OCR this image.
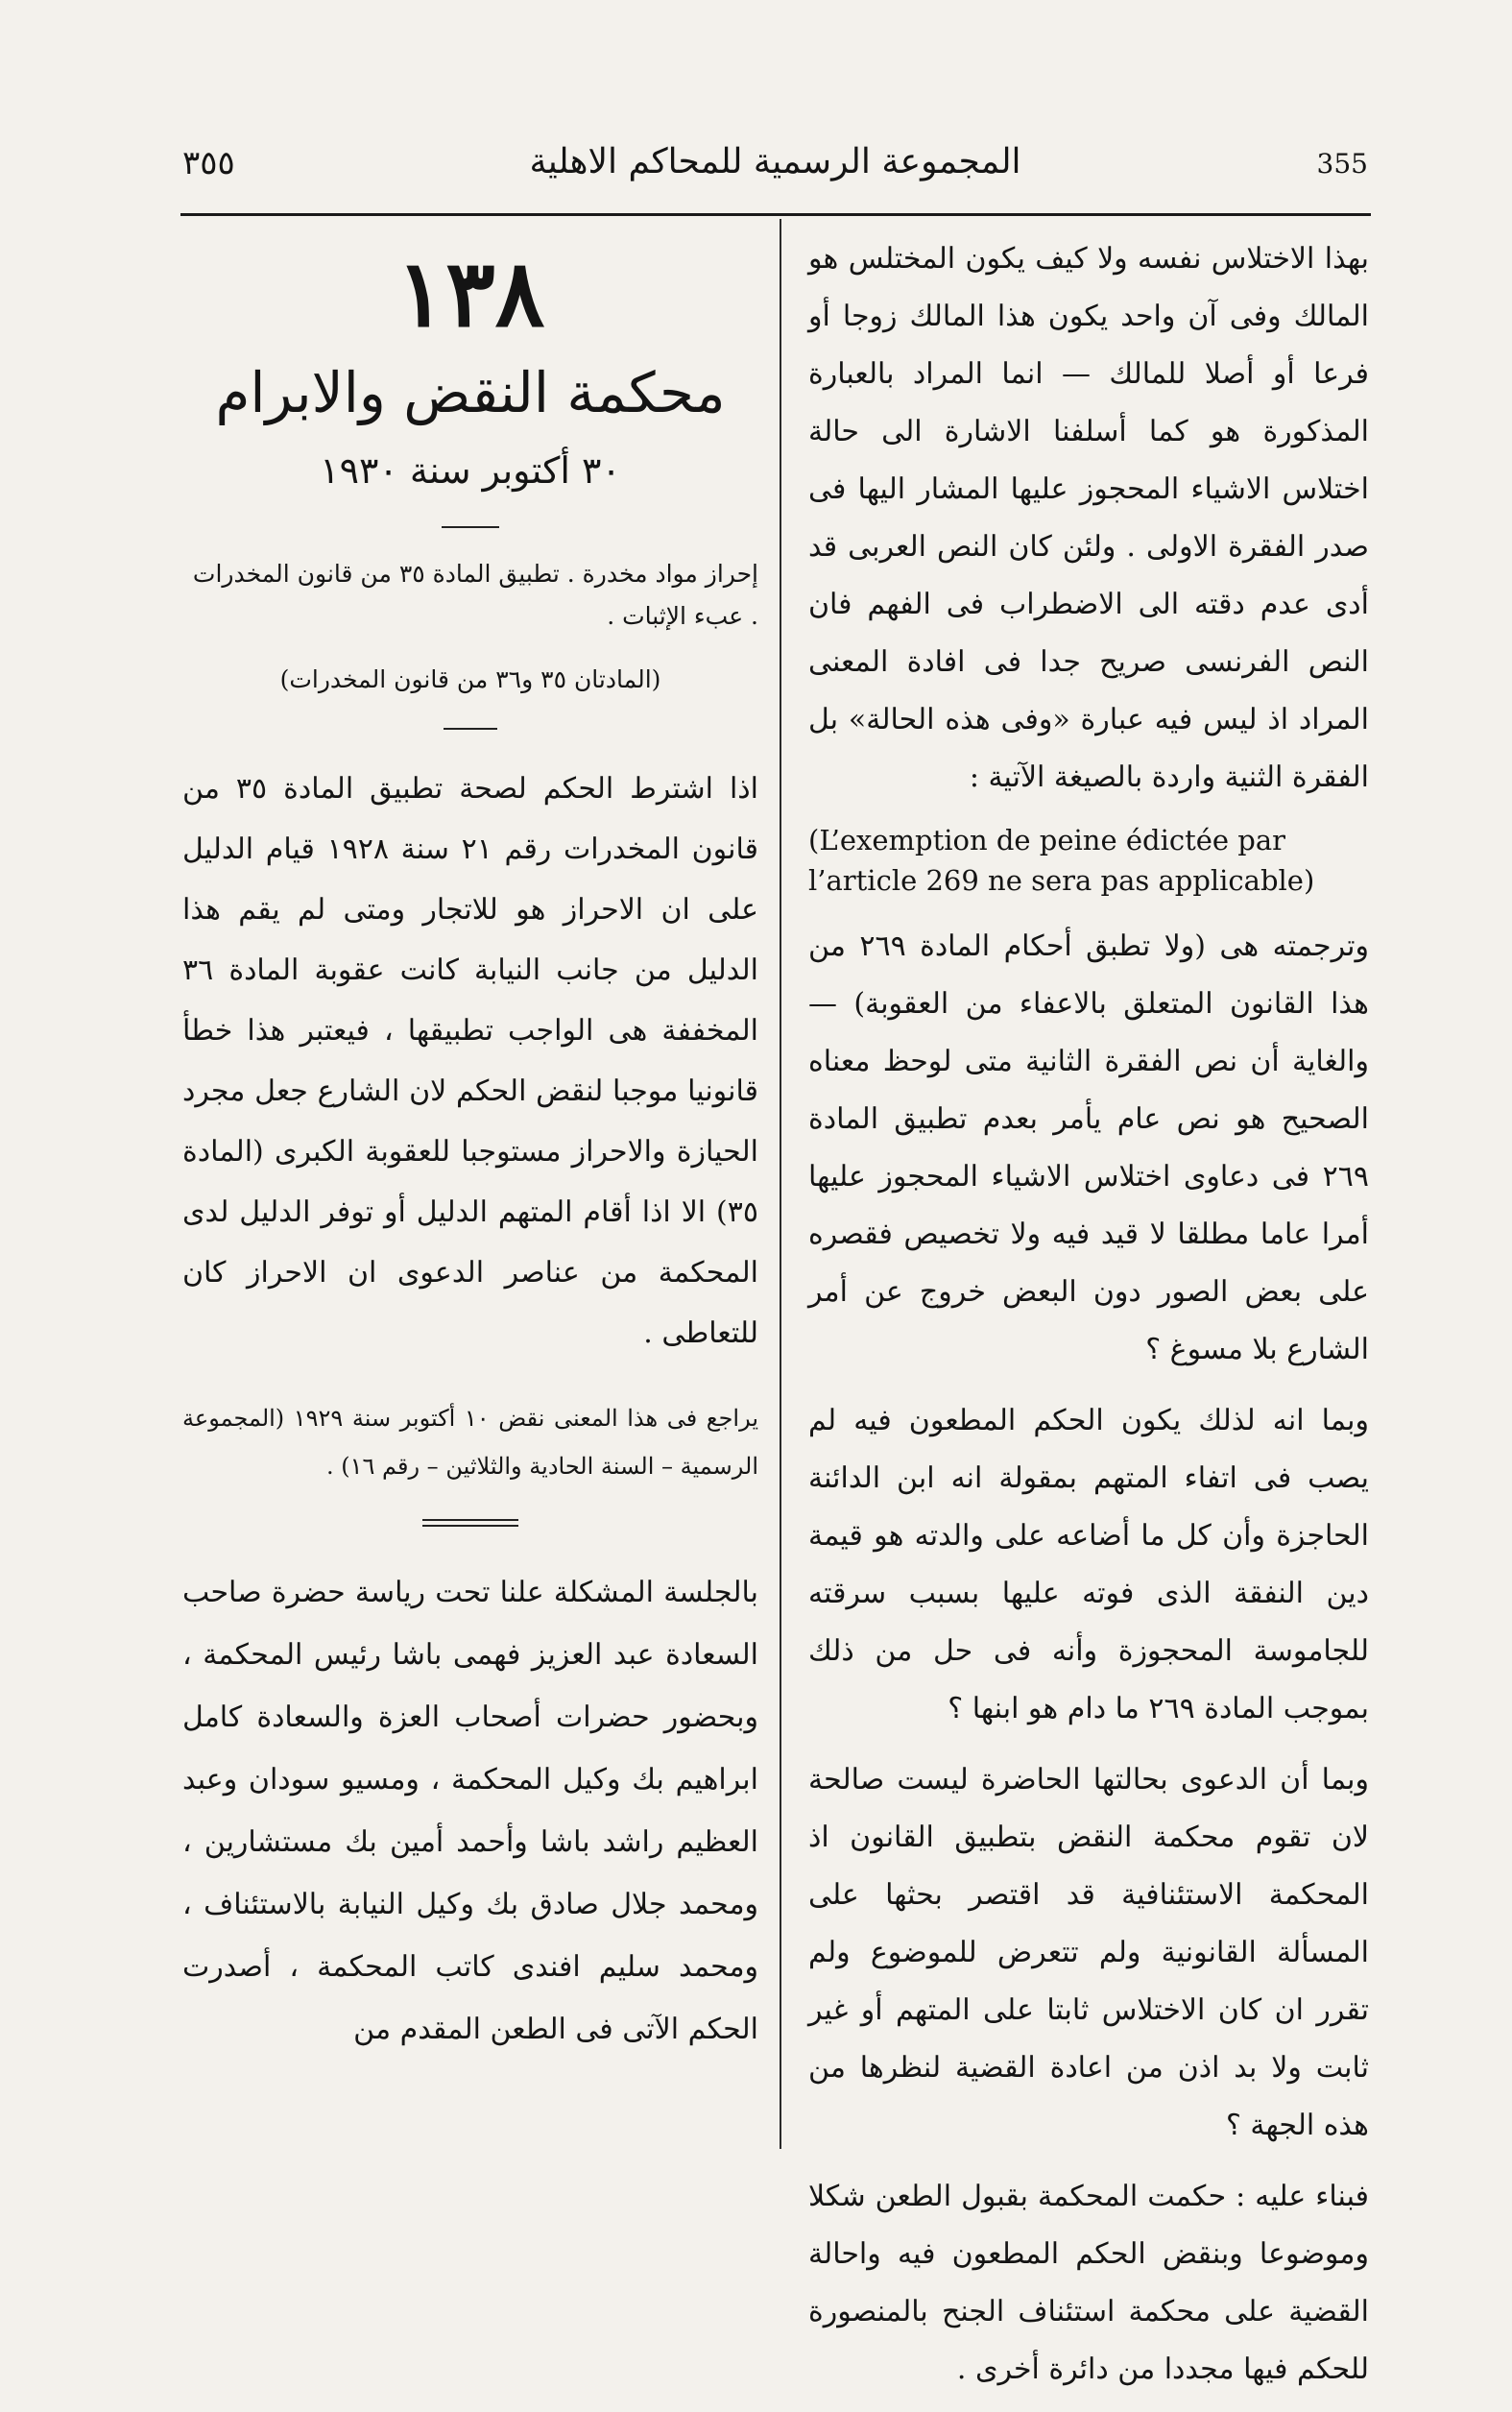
٣٥٥	المجموعة الرسمية للمحاكم الاهلية	355
١٣٨
محكمة النقض والابرام
٣٠ أكتوبر سنة ١٩٣٠
إحراز مواد مخدرة . تطبيق المادة ٣٥ من قانون المخدرات . عبء الإثبات .
(المادتان ٣٥ و٣٦ من قانون المخدرات)
اذا اشترط الحكم لصحة تطبيق المادة ٣٥ من قانون المخدرات رقم ٢١ سنة ١٩٢٨ قيام الدليل على ان الاحراز هو للاتجار ومتى لم يقم هذا الدليل من جانب النيابة كانت عقوبة المادة ٣٦ المخففة هى الواجب تطبيقها ، فيعتبر هذا خطأ قانونيا موجبا لنقض الحكم لان الشارع جعل مجرد الحيازة والاحراز مستوجبا للعقوبة الكبرى (المادة ٣٥) الا اذا أقام المتهم الدليل أو توفر الدليل لدى المحكمة من عناصر الدعوى ان الاحراز كان للتعاطى .
يراجع فى هذا المعنى نقض ١٠ أكتوبر سنة ١٩٢٩ (المجموعة الرسمية – السنة الحادية والثلاثين – رقم ١٦) .
بالجلسة المشكلة علنا تحت رياسة حضرة صاحب السعادة عبد العزيز فهمى باشا رئيس المحكمة ، وبحضور حضرات أصحاب العزة والسعادة كامل ابراهيم بك وكيل المحكمة ، ومسيو سودان وعبد العظيم راشد باشا وأحمد أمين بك مستشارين ، ومحمد جلال صادق بك وكيل النيابة بالاستئناف ، ومحمد سليم افندى كاتب المحكمة ، أصدرت الحكم الآتى فى الطعن المقدم من

بهذا الاختلاس نفسه ولا كيف يكون المختلس هو المالك وفى آن واحد يكون هذا المالك زوجا أو فرعا أو أصلا للمالك — انما المراد بالعبارة المذكورة هو كما أسلفنا الاشارة الى حالة اختلاس الاشياء المحجوز عليها المشار اليها فى صدر الفقرة الاولى . ولئن كان النص العربى قد أدى عدم دقته الى الاضطراب فى الفهم فان النص الفرنسى صريح جدا فى افادة المعنى المراد اذ ليس فيه عبارة «وفى هذه الحالة» بل الفقرة الثنية واردة بالصيغة الآتية :

(L’exemption de peine édictée par l’article 269 ne sera pas applicable)

وترجمته هى (ولا تطبق أحكام المادة ٢٦٩ من هذا القانون المتعلق بالاعفاء من العقوبة) — والغاية أن نص الفقرة الثانية متى لوحظ معناه الصحيح هو نص عام يأمر بعدم تطبيق المادة ٢٦٩ فى دعاوى اختلاس الاشياء المحجوز عليها أمرا عاما مطلقا لا قيد فيه ولا تخصيص فقصره على بعض الصور دون البعض خروج عن أمر الشارع بلا مسوغ ؟

وبما انه لذلك يكون الحكم المطعون فيه لم يصب فى اتفاء المتهم بمقولة انه ابن الدائنة الحاجزة وأن كل ما أضاعه على والدته هو قيمة دين النفقة الذى فوته عليها بسبب سرقته للجاموسة المحجوزة وأنه فى حل من ذلك بموجب المادة ٢٦٩ ما دام هو ابنها ؟

وبما أن الدعوى بحالتها الحاضرة ليست صالحة لان تقوم محكمة النقض بتطبيق القانون اذ المحكمة الاستئنافية قد اقتصر بحثها على المسألة القانونية ولم تتعرض للموضوع ولم تقرر ان كان الاختلاس ثابتا على المتهم أو غير ثابت ولا بد اذن من اعادة القضية لنظرها من هذه الجهة ؟

فبناء عليه : حكمت المحكمة بقبول الطعن شكلا وموضوعا وبنقض الحكم المطعون فيه واحالة القضية على محكمة استئناف الجنح بالمنصورة للحكم فيها مجددا من دائرة أخرى .
